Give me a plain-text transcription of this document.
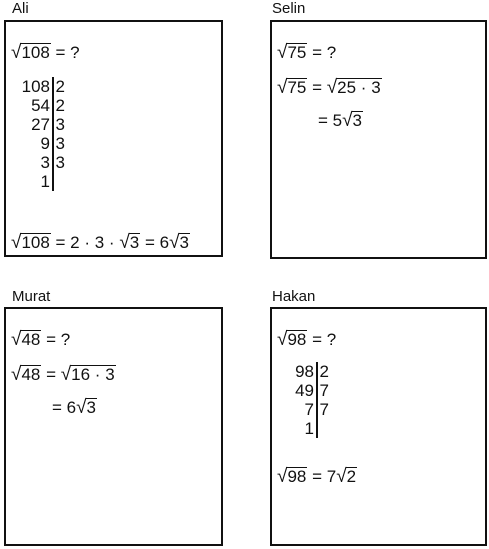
Ali
√108 = ?
108 2
54 2
27 3
9 3
3 3
1
√108 = 2 · 3 · √3 = 6√3
Selin
√75 = ?
√75 = √25 · 3
= 5√3
Murat
√48 = ?
√48 = √16 · 3
= 6√3
Hakan
√98 = ?
98 2
49 7
7 7
1
√98 = 7√2
